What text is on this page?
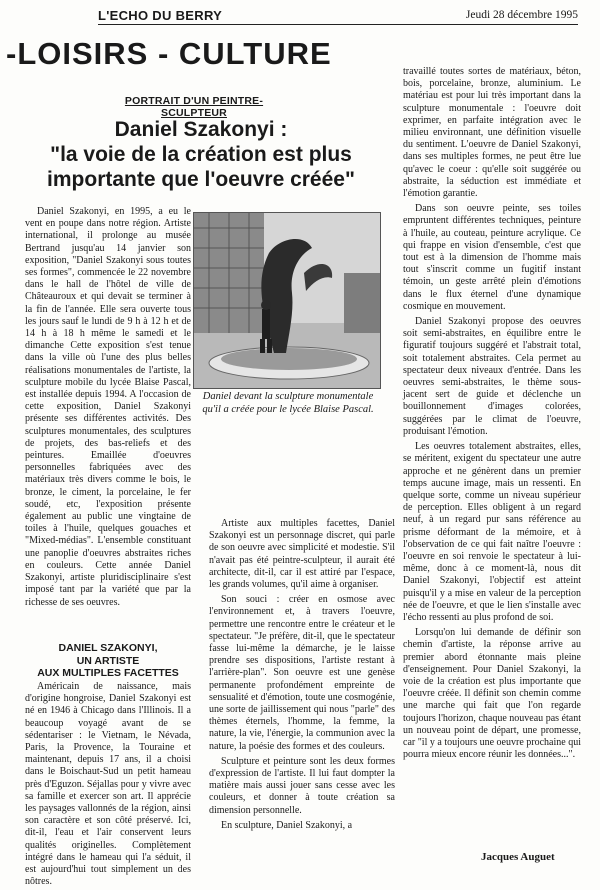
L'ECHO DU BERRY	Jeudi 28 décembre 1995
-LOISIRS - CULTURE
PORTRAIT D'UN PEINTRE-SCULPTEUR
Daniel Szakonyi :
"la voie de la création est plus
importante que l'oeuvre créée"

Daniel Szakonyi, en 1995, a eu le vent en poupe dans notre région. Artiste international, il prolonge au musée Bertrand jusqu'au 14 janvier son exposition, "Daniel Szakonyi sous toutes ses formes", commencée le 22 novembre dans le hall de l'hôtel de ville de Châteauroux et qui devait se terminer à la fin de l'année. Elle sera ouverte tous les jours sauf le lundi de 9 h à 12 h et de 14 h à 18 h même le samedi et le dimanche Cette exposition s'est tenue dans la ville où l'une des plus belles réalisations monumentales de l'artiste, la sculpture mobile du lycée Blaise Pascal, est installée depuis 1994. A l'occasion de cette exposition, Daniel Szakonyi présente ses différentes activités. Des sculptures monumentales, des sculptures de projets, des bas-reliefs et des peintures. Emaillée d'oeuvres personnelles fabriquées avec des matériaux très divers comme le bois, le bronze, le ciment, la porcelaine, le fer soudé, etc, l'exposition présente également au public une vingtaine de toiles à l'huile, quelques gouaches et "Mixed-médias". L'ensemble constituant une panoplie d'oeuvres abstraites riches en couleurs. Cette année Daniel Szakonyi, artiste pluridisciplinaire s'est imposé tant par la variété que par la richesse de ses oeuvres.

Daniel devant la sculpture monumentale qu'il a créée pour le lycée Blaise Pascal.
DANIEL SZAKONYI,
UN ARTISTE
AUX MULTIPLES FACETTES

Américain de naissance, mais d'origine hongroise, Daniel Szakonyi est né en 1946 à Chicago dans l'Illinois. Il a beaucoup voyagé avant de se sédentariser : le Vietnam, le Névada, Paris, la Provence, la Touraine et maintenant, depuis 17 ans, il a choisi dans le Boischaut-Sud un petit hameau près d'Eguzon. Séjallas pour y vivre avec sa famille et exercer son art. Il apprécie les paysages vallonnés de la région, ainsi son caractère et son côté préservé. Ici, dit-il, l'eau et l'air conservent leurs qualités originelles. Complètement intégré dans le hameau qui l'a séduit, il est aujourd'hui tout simplement un des nôtres.

Artiste aux multiples facettes, Daniel Szakonyi est un personnage discret, qui parle de son oeuvre avec simplicité et modestie. S'il n'avait pas été peintre-sculpteur, il aurait été architecte, dit-il, car il est attiré par l'espace, les grands volumes, qu'il aime à organiser.

Son souci : créer en osmose avec l'environnement et, à travers l'oeuvre, permettre une rencontre entre le créateur et le spectateur. "Je préfère, dit-il, que le spectateur fasse lui-même la démarche, je le laisse prendre ses dispositions, l'artiste restant à l'arrière-plan". Son oeuvre est une genèse permanente profondément empreinte de sensualité et d'émotion, toute une cosmogénie, une sorte de jaillissement qui nous "parle" des thèmes éternels, l'homme, la femme, la nature, la vie, l'énergie, la communion avec la nature, la poésie des formes et des couleurs.

Sculpture et peinture sont les deux formes d'expression de l'artiste. Il lui faut dompter la matière mais aussi jouer sans cesse avec les couleurs, et donner à toute création sa dimension personnelle.

En sculpture, Daniel Szakonyi, a

travaillé toutes sortes de matériaux, béton, bois, porcelaine, bronze, aluminium. Le matériau est pour lui très important dans la sculpture monumentale : l'oeuvre doit exprimer, en parfaite intégration avec le milieu environnant, une définition visuelle du sentiment. L'oeuvre de Daniel Szakonyi, dans ses multiples formes, ne peut être lue qu'avec le coeur : qu'elle soit suggérée ou abstraite, la séduction est immédiate et l'émotion garantie.

Dans son oeuvre peinte, ses toiles empruntent différentes techniques, peinture à l'huile, au couteau, peinture acrylique. Ce qui frappe en vision d'ensemble, c'est que tout est à la dimension de l'homme mais tout s'inscrit comme un fugitif instant témoin, un geste arrêté plein d'émotions dans le flux éternel d'une dynamique cosmique en mouvement.

Daniel Szakonyi propose des oeuvres soit semi-abstraites, en équilibre entre le figuratif toujours suggéré et l'abstrait total, soit totalement abstraites. Cela permet au spectateur deux niveaux d'entrée. Dans les oeuvres semi-abstraites, le thème sous-jacent sert de guide et déclenche un bouillonnement d'images colorées, suggérées par le climat de l'oeuvre, produisant l'émotion.

Les oeuvres totalement abstraites, elles, se méritent, exigent du spectateur une autre approche et ne génèrent dans un premier temps aucune image, mais un ressenti. En quelque sorte, comme un niveau supérieur de perception. Elles obligent à un regard neuf, à un regard pur sans référence au prisme déformant de la mémoire, et à l'observation de ce qui fait naître l'oeuvre : l'oeuvre en soi renvoie le spectateur à lui-même, donc à ce moment-là, nous dit Daniel Szakonyi, l'objectif est atteint puisqu'il y a mise en valeur de la perception née de l'oeuvre, et que le lien s'installe avec l'écho ressenti au plus profond de soi.

Lorsqu'on lui demande de définir son chemin d'artiste, la réponse arrive au premier abord étonnante mais pleine d'enseignement. Pour Daniel Szakonyi, la voie de la création est plus importante que l'oeuvre créée. Il définit son chemin comme une marche qui fait que l'on regarde toujours l'horizon, chaque nouveau pas étant un nouveau point de départ, une promesse, car "il y a toujours une oeuvre prochaine qui pourra mieux encore réunir les données...".

Jacques Auguet
